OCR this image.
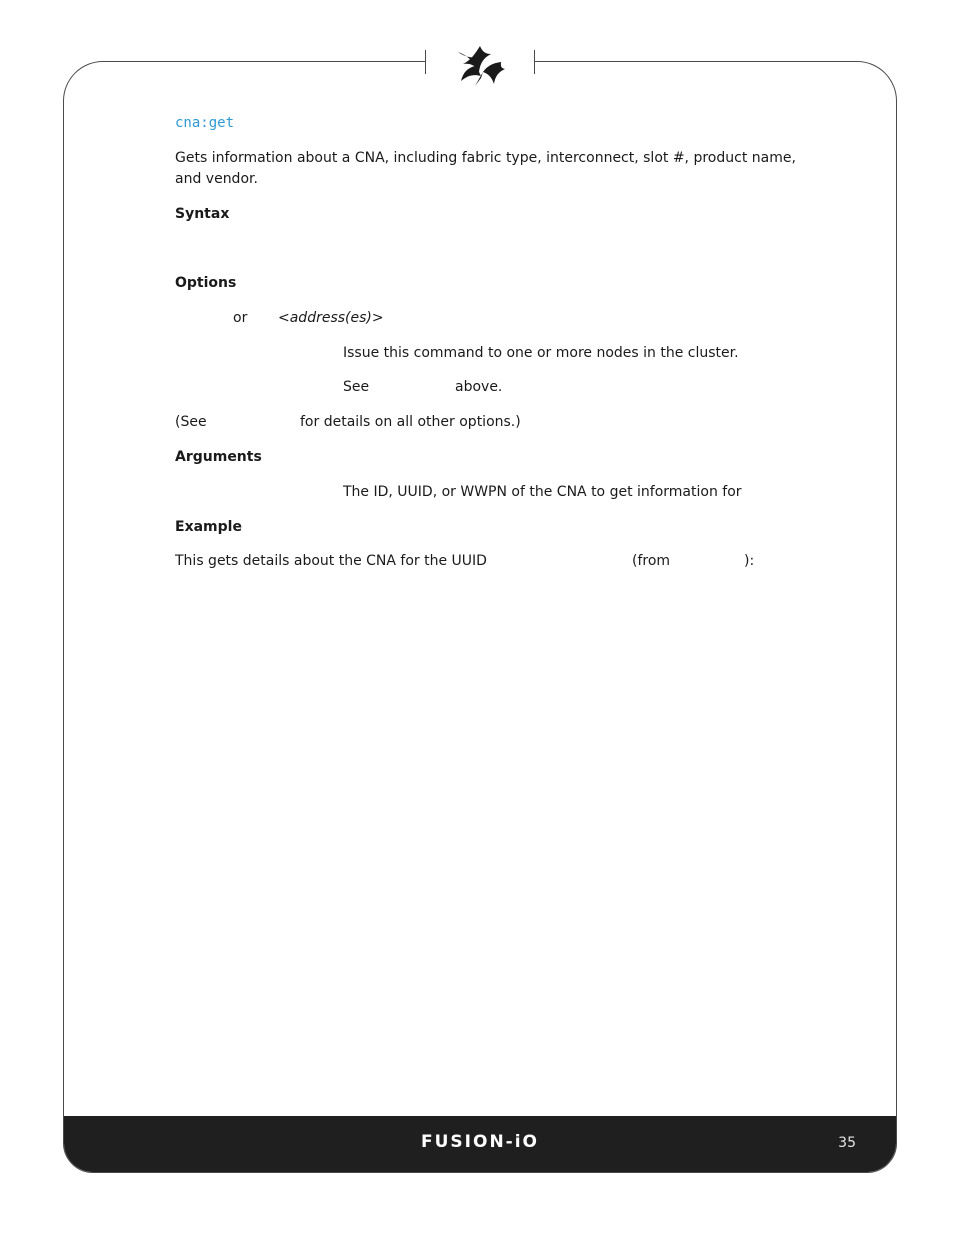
FUSION-iO	35
cna:get
Gets information about a CNA, including fabric type, interconnect, slot #, product name, and vendor.
Syntax
Options
or <address(es)>
Issue this command to one or more nodes in the cluster.
See	above.
(See	for details on all other options.)
Arguments
The ID, UUID, or WWPN of the CNA to get information for
Example
This gets details about the CNA for the UUID	(from	):
